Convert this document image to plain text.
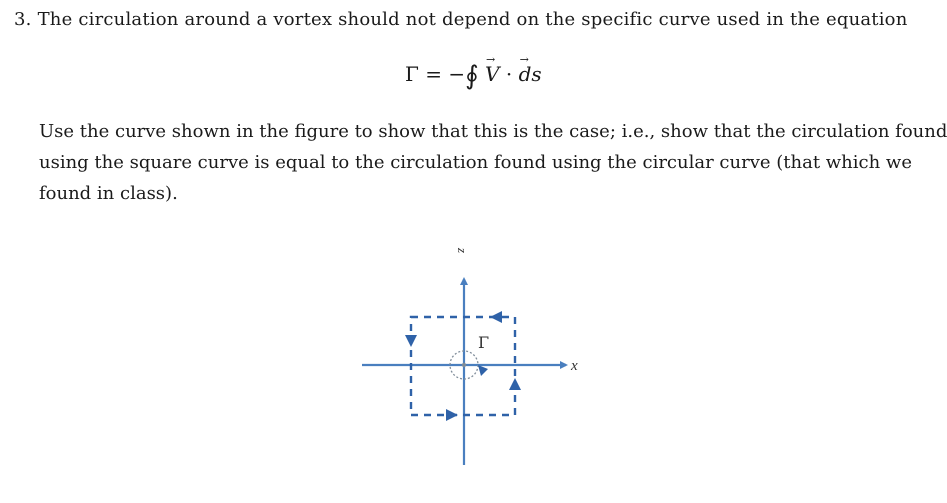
3. The circulation around a vortex should not depend on the specific curve used in the equation
Γ = −∮ → V · → ds
Use the curve shown in the figure to show that this is the case; i.e., show that the circulation found
using the square curve is equal to the circulation found using the circular curve (that which we
found in class).
z
x
Γ
